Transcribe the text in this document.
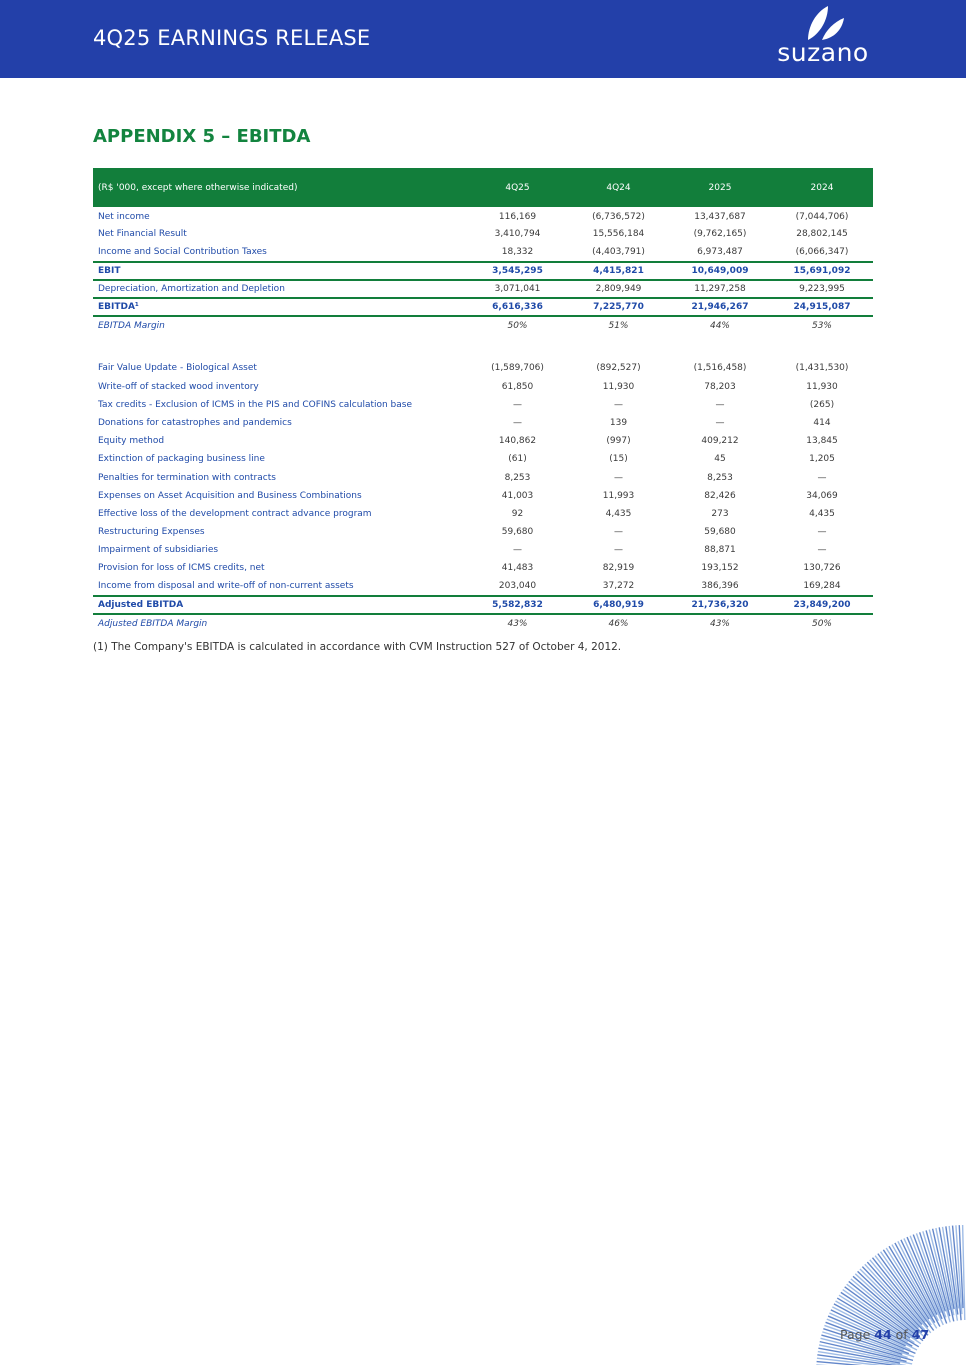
4Q25 EARNINGS RELEASE	suzano
APPENDIX 5 – EBITDA
(R$ '000, except where otherwise indicated)	4Q25	4Q24	2025	2024
Net income	116,169	(6,736,572)	13,437,687	(7,044,706)
Net Financial Result	3,410,794	15,556,184	(9,762,165)	28,802,145
Income and Social Contribution Taxes	18,332	(4,403,791)	6,973,487	(6,066,347)
EBIT	3,545,295	4,415,821	10,649,009	15,691,092
Depreciation, Amortization and Depletion	3,071,041	2,809,949	11,297,258	9,223,995
EBITDA¹	6,616,336	7,225,770	21,946,267	24,915,087
EBITDA Margin	50%	51%	44%	53%

Fair Value Update - Biological Asset	(1,589,706)	(892,527)	(1,516,458)	(1,431,530)
Write-off of stacked wood inventory	61,850	11,930	78,203	11,930
Tax credits - Exclusion of ICMS in the PIS and COFINS calculation base	—	—	—	(265)
Donations for catastrophes and pandemics	—	139	—	414
Equity method	140,862	(997)	409,212	13,845
Extinction of packaging business line	(61)	(15)	45	1,205
Penalties for termination with contracts	8,253	—	8,253	—
Expenses on Asset Acquisition and Business Combinations	41,003	11,993	82,426	34,069
Effective loss of the development contract advance program	92	4,435	273	4,435
Restructuring Expenses	59,680	—	59,680	—
Impairment of subsidiaries	—	—	88,871	—
Provision for loss of ICMS credits, net	41,483	82,919	193,152	130,726
Income from disposal and write-off of non-current assets	203,040	37,272	386,396	169,284
Adjusted EBITDA	5,582,832	6,480,919	21,736,320	23,849,200
Adjusted EBITDA Margin	43%	46%	43%	50%
(1) The Company's EBITDA is calculated in accordance with CVM Instruction 527 of October 4, 2012.
Page 44 of 47
